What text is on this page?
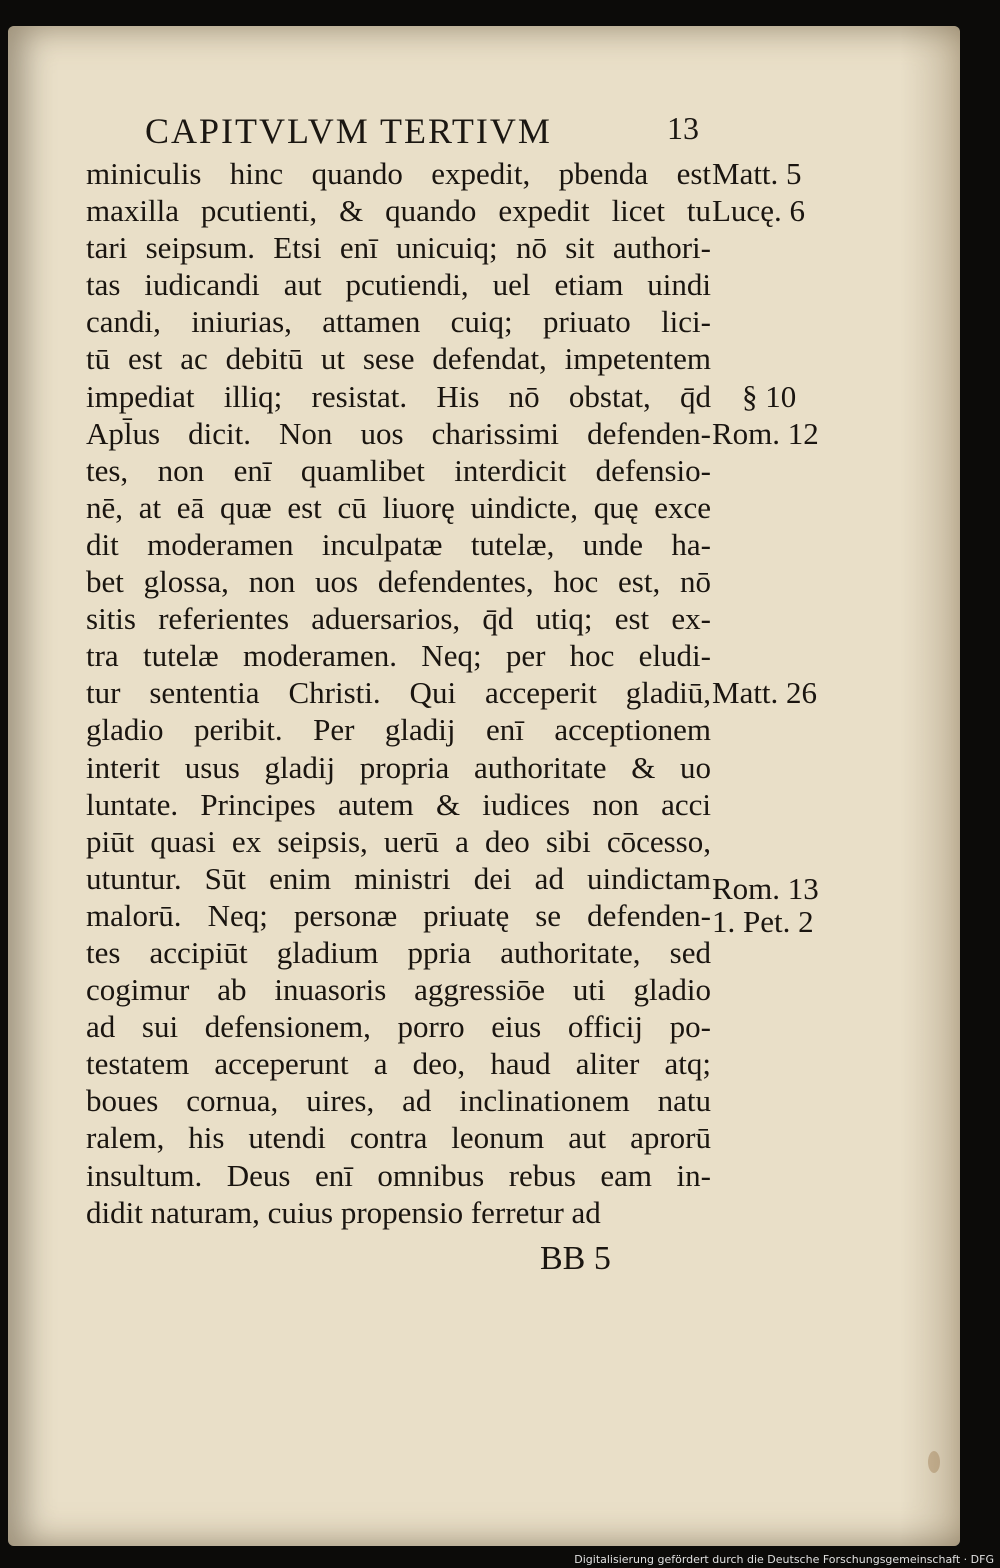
CAPITVLVM TERTIVM	13
miniculis hinc quando expedit, pbenda est
maxilla pcutienti, & quando expedit licet tu
tari seipsum. Etsi enī unicuiq; nō sit authori-
tas iudicandi aut pcutiendi, uel etiam uindi
candi, iniurias, attamen cuiq; priuato lici-
tū est ac debitū ut sese defendat, impetentem
impediat illiq; resistat. His nō obstat, q̄d
Apl̄us dicit. Non uos charissimi defenden-
tes, non enī quamlibet interdicit defensio-
nē, at eā quæ est cū liuorę uindicte, quę exce
dit moderamen inculpatæ tutelæ, unde ha-
bet glossa, non uos defendentes, hoc est, nō
sitis referientes aduersarios, q̄d utiq; est ex-
tra tutelæ moderamen. Neq; per hoc eludi-
tur sententia Christi. Qui acceperit gladiū,
gladio peribit. Per gladij enī acceptionem
interit usus gladij propria authoritate & uo
luntate. Principes autem & iudices non acci
piūt quasi ex seipsis, uerū a deo sibi cōcesso,
utuntur. Sūt enim ministri dei ad uindictam
malorū. Neq; personæ priuatę se defenden-
tes accipiūt gladium ppria authoritate, sed
cogimur ab inuasoris aggressiōe uti gladio
ad sui defensionem, porro eius officij po-
testatem acceperunt a deo, haud aliter atq;
boues cornua, uires, ad inclinationem natu
ralem, his utendi contra leonum aut aprorū
insultum. Deus enī omnibus rebus eam in-
didit naturam, cuius propensio ferretur ad
Matt. 5
Lucę. 6
§ 10
Rom. 12
Matt. 26
Rom. 13
1. Pet. 2
BB 5
Digitalisierung gefördert durch die Deutsche Forschungsgemeinschaft · DFG
